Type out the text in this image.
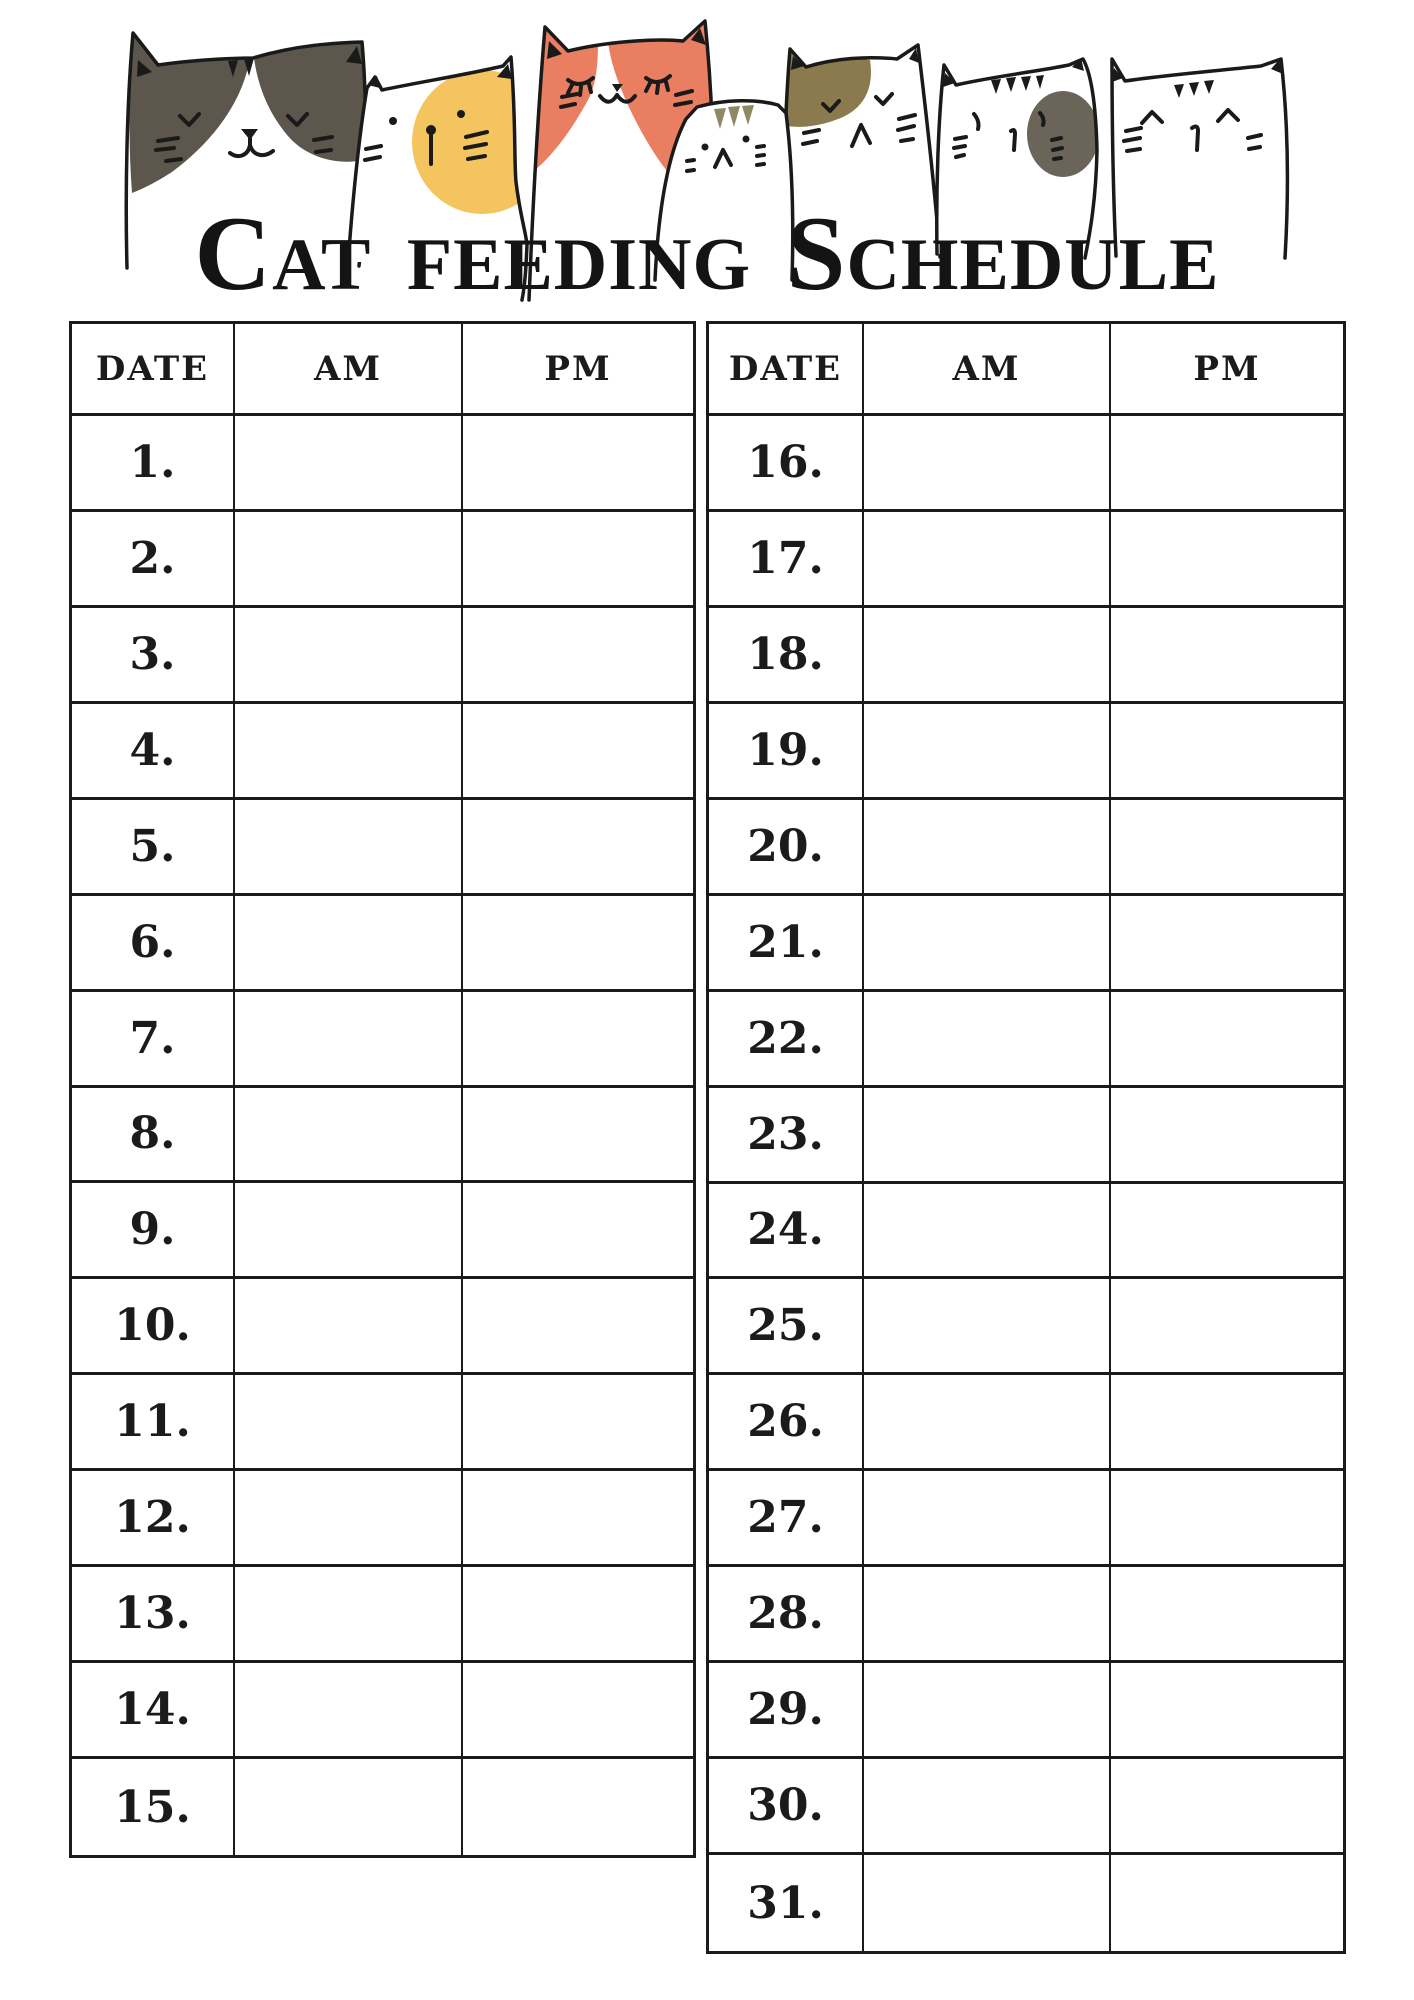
Cat feeding Schedule
DATE	AM	PM
1.
2.
3.
4.
5.
6.
7.
8.
9.
10.
11.
12.
13.
14.
15.
DATE	AM	PM
16.
17.
18.
19.
20.
21.
22.
23.
24.
25.
26.
27.
28.
29.
30.
31.
